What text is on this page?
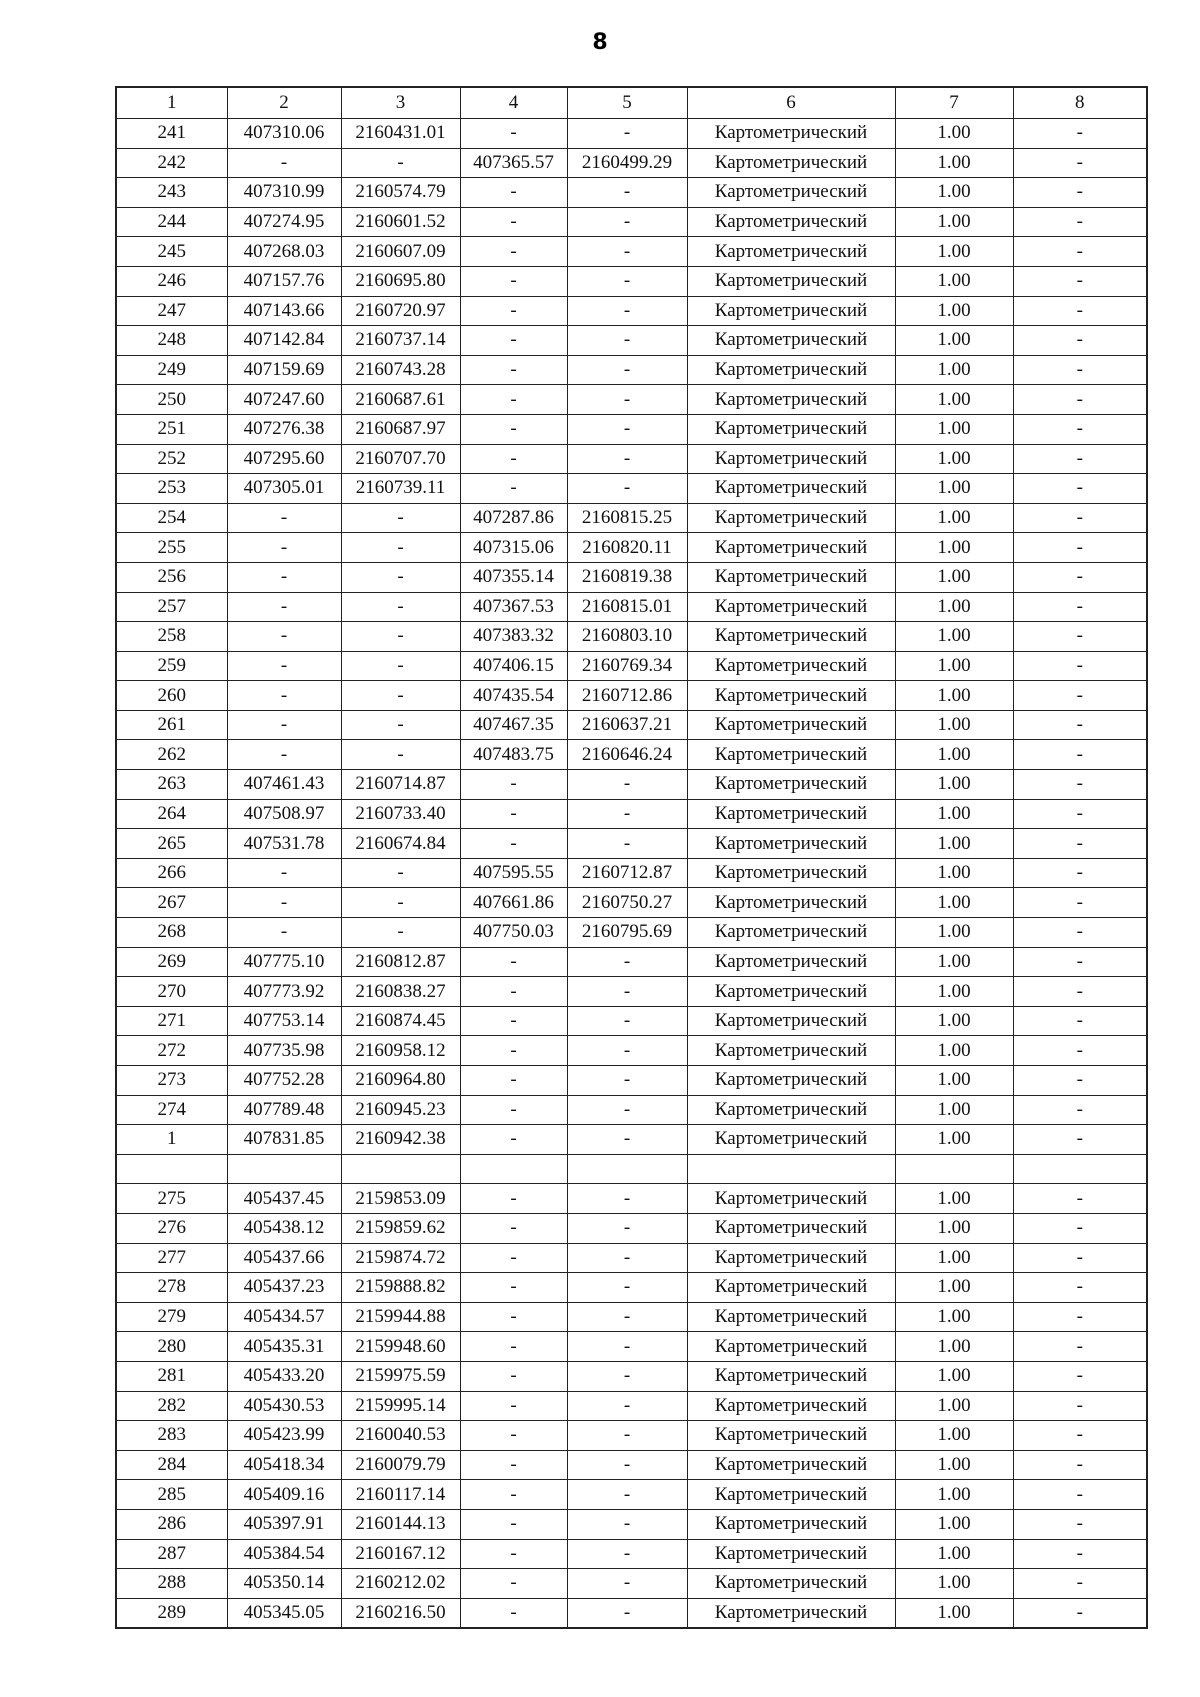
8
1	2	3	4	5	6	7	8
241	407310.06	2160431.01	-	-	Картометрический	1.00	-
242	-	-	407365.57	2160499.29	Картометрический	1.00	-
243	407310.99	2160574.79	-	-	Картометрический	1.00	-
244	407274.95	2160601.52	-	-	Картометрический	1.00	-
245	407268.03	2160607.09	-	-	Картометрический	1.00	-
246	407157.76	2160695.80	-	-	Картометрический	1.00	-
247	407143.66	2160720.97	-	-	Картометрический	1.00	-
248	407142.84	2160737.14	-	-	Картометрический	1.00	-
249	407159.69	2160743.28	-	-	Картометрический	1.00	-
250	407247.60	2160687.61	-	-	Картометрический	1.00	-
251	407276.38	2160687.97	-	-	Картометрический	1.00	-
252	407295.60	2160707.70	-	-	Картометрический	1.00	-
253	407305.01	2160739.11	-	-	Картометрический	1.00	-
254	-	-	407287.86	2160815.25	Картометрический	1.00	-
255	-	-	407315.06	2160820.11	Картометрический	1.00	-
256	-	-	407355.14	2160819.38	Картометрический	1.00	-
257	-	-	407367.53	2160815.01	Картометрический	1.00	-
258	-	-	407383.32	2160803.10	Картометрический	1.00	-
259	-	-	407406.15	2160769.34	Картометрический	1.00	-
260	-	-	407435.54	2160712.86	Картометрический	1.00	-
261	-	-	407467.35	2160637.21	Картометрический	1.00	-
262	-	-	407483.75	2160646.24	Картометрический	1.00	-
263	407461.43	2160714.87	-	-	Картометрический	1.00	-
264	407508.97	2160733.40	-	-	Картометрический	1.00	-
265	407531.78	2160674.84	-	-	Картометрический	1.00	-
266	-	-	407595.55	2160712.87	Картометрический	1.00	-
267	-	-	407661.86	2160750.27	Картометрический	1.00	-
268	-	-	407750.03	2160795.69	Картометрический	1.00	-
269	407775.10	2160812.87	-	-	Картометрический	1.00	-
270	407773.92	2160838.27	-	-	Картометрический	1.00	-
271	407753.14	2160874.45	-	-	Картометрический	1.00	-
272	407735.98	2160958.12	-	-	Картометрический	1.00	-
273	407752.28	2160964.80	-	-	Картометрический	1.00	-
274	407789.48	2160945.23	-	-	Картометрический	1.00	-
1	407831.85	2160942.38	-	-	Картометрический	1.00	-

275	405437.45	2159853.09	-	-	Картометрический	1.00	-
276	405438.12	2159859.62	-	-	Картометрический	1.00	-
277	405437.66	2159874.72	-	-	Картометрический	1.00	-
278	405437.23	2159888.82	-	-	Картометрический	1.00	-
279	405434.57	2159944.88	-	-	Картометрический	1.00	-
280	405435.31	2159948.60	-	-	Картометрический	1.00	-
281	405433.20	2159975.59	-	-	Картометрический	1.00	-
282	405430.53	2159995.14	-	-	Картометрический	1.00	-
283	405423.99	2160040.53	-	-	Картометрический	1.00	-
284	405418.34	2160079.79	-	-	Картометрический	1.00	-
285	405409.16	2160117.14	-	-	Картометрический	1.00	-
286	405397.91	2160144.13	-	-	Картометрический	1.00	-
287	405384.54	2160167.12	-	-	Картометрический	1.00	-
288	405350.14	2160212.02	-	-	Картометрический	1.00	-
289	405345.05	2160216.50	-	-	Картометрический	1.00	-
